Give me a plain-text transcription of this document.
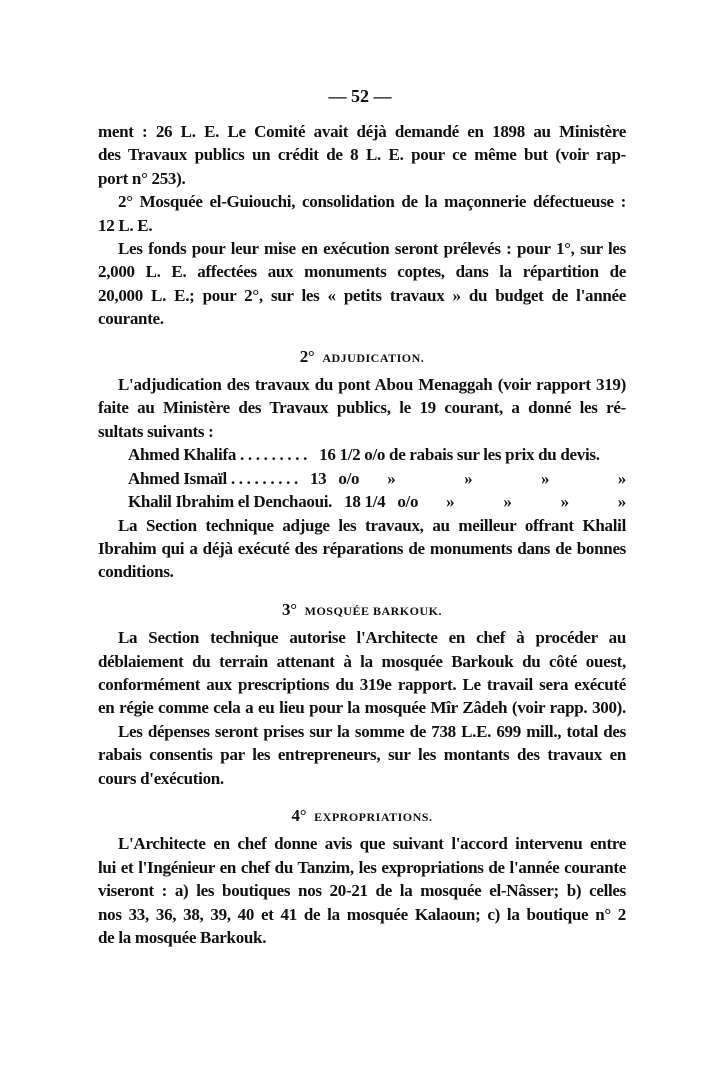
— 52 —
ment : 26 L. E. Le Comité avait déjà demandé en 1898 au Ministère
des Travaux publics un crédit de 8 L. E. pour ce même but (voir rap-
port n° 253).
2° Mosquée el-Guiouchi, consolidation de la maçonnerie défectueuse :
12 L. E.
Les fonds pour leur mise en exécution seront prélevés : pour 1°, sur les
2,000 L. E. affectées aux monuments coptes, dans la répartition de
20,000 L. E.; pour 2°, sur les « petits travaux » du budget de l'année
courante.
2° ADJUDICATION.
L'adjudication des travaux du pont Abou Menaggah (voir rapport 319)
faite au Ministère des Travaux publics, le 19 courant, a donné les ré-
sultats suivants :
Ahmed Khalifa . . . . . . . . . 16 1/2 o/o de rabais sur les prix du devis.
Ahmed Ismaïl . . . . . . . . . 13 o/o »	»	»	»
Khalil Ibrahim el Denchaoui. 18 1/4 o/o »	»	»	»
La Section technique adjuge les travaux, au meilleur offrant Khalil
Ibrahim qui a déjà exécuté des réparations de monuments dans de bonnes
conditions.
3° MOSQUÉE BARKOUK.
La Section technique autorise l'Architecte en chef à procéder au
déblaiement du terrain attenant à la mosquée Barkouk du côté ouest,
conformément aux prescriptions du 319e rapport. Le travail sera exécuté
en régie comme cela a eu lieu pour la mosquée Mîr Zâdeh (voir rapp. 300).
Les dépenses seront prises sur la somme de 738 L.E. 699 mill., total des
rabais consentis par les entrepreneurs, sur les montants des travaux en
cours d'exécution.
4° EXPROPRIATIONS.
L'Architecte en chef donne avis que suivant l'accord intervenu entre
lui et l'Ingénieur en chef du Tanzim, les expropriations de l'année courante
viseront : a) les boutiques nos 20-21 de la mosquée el-Nâsser; b) celles
nos 33, 36, 38, 39, 40 et 41 de la mosquée Kalaoun; c) la boutique n° 2
de la mosquée Barkouk.
